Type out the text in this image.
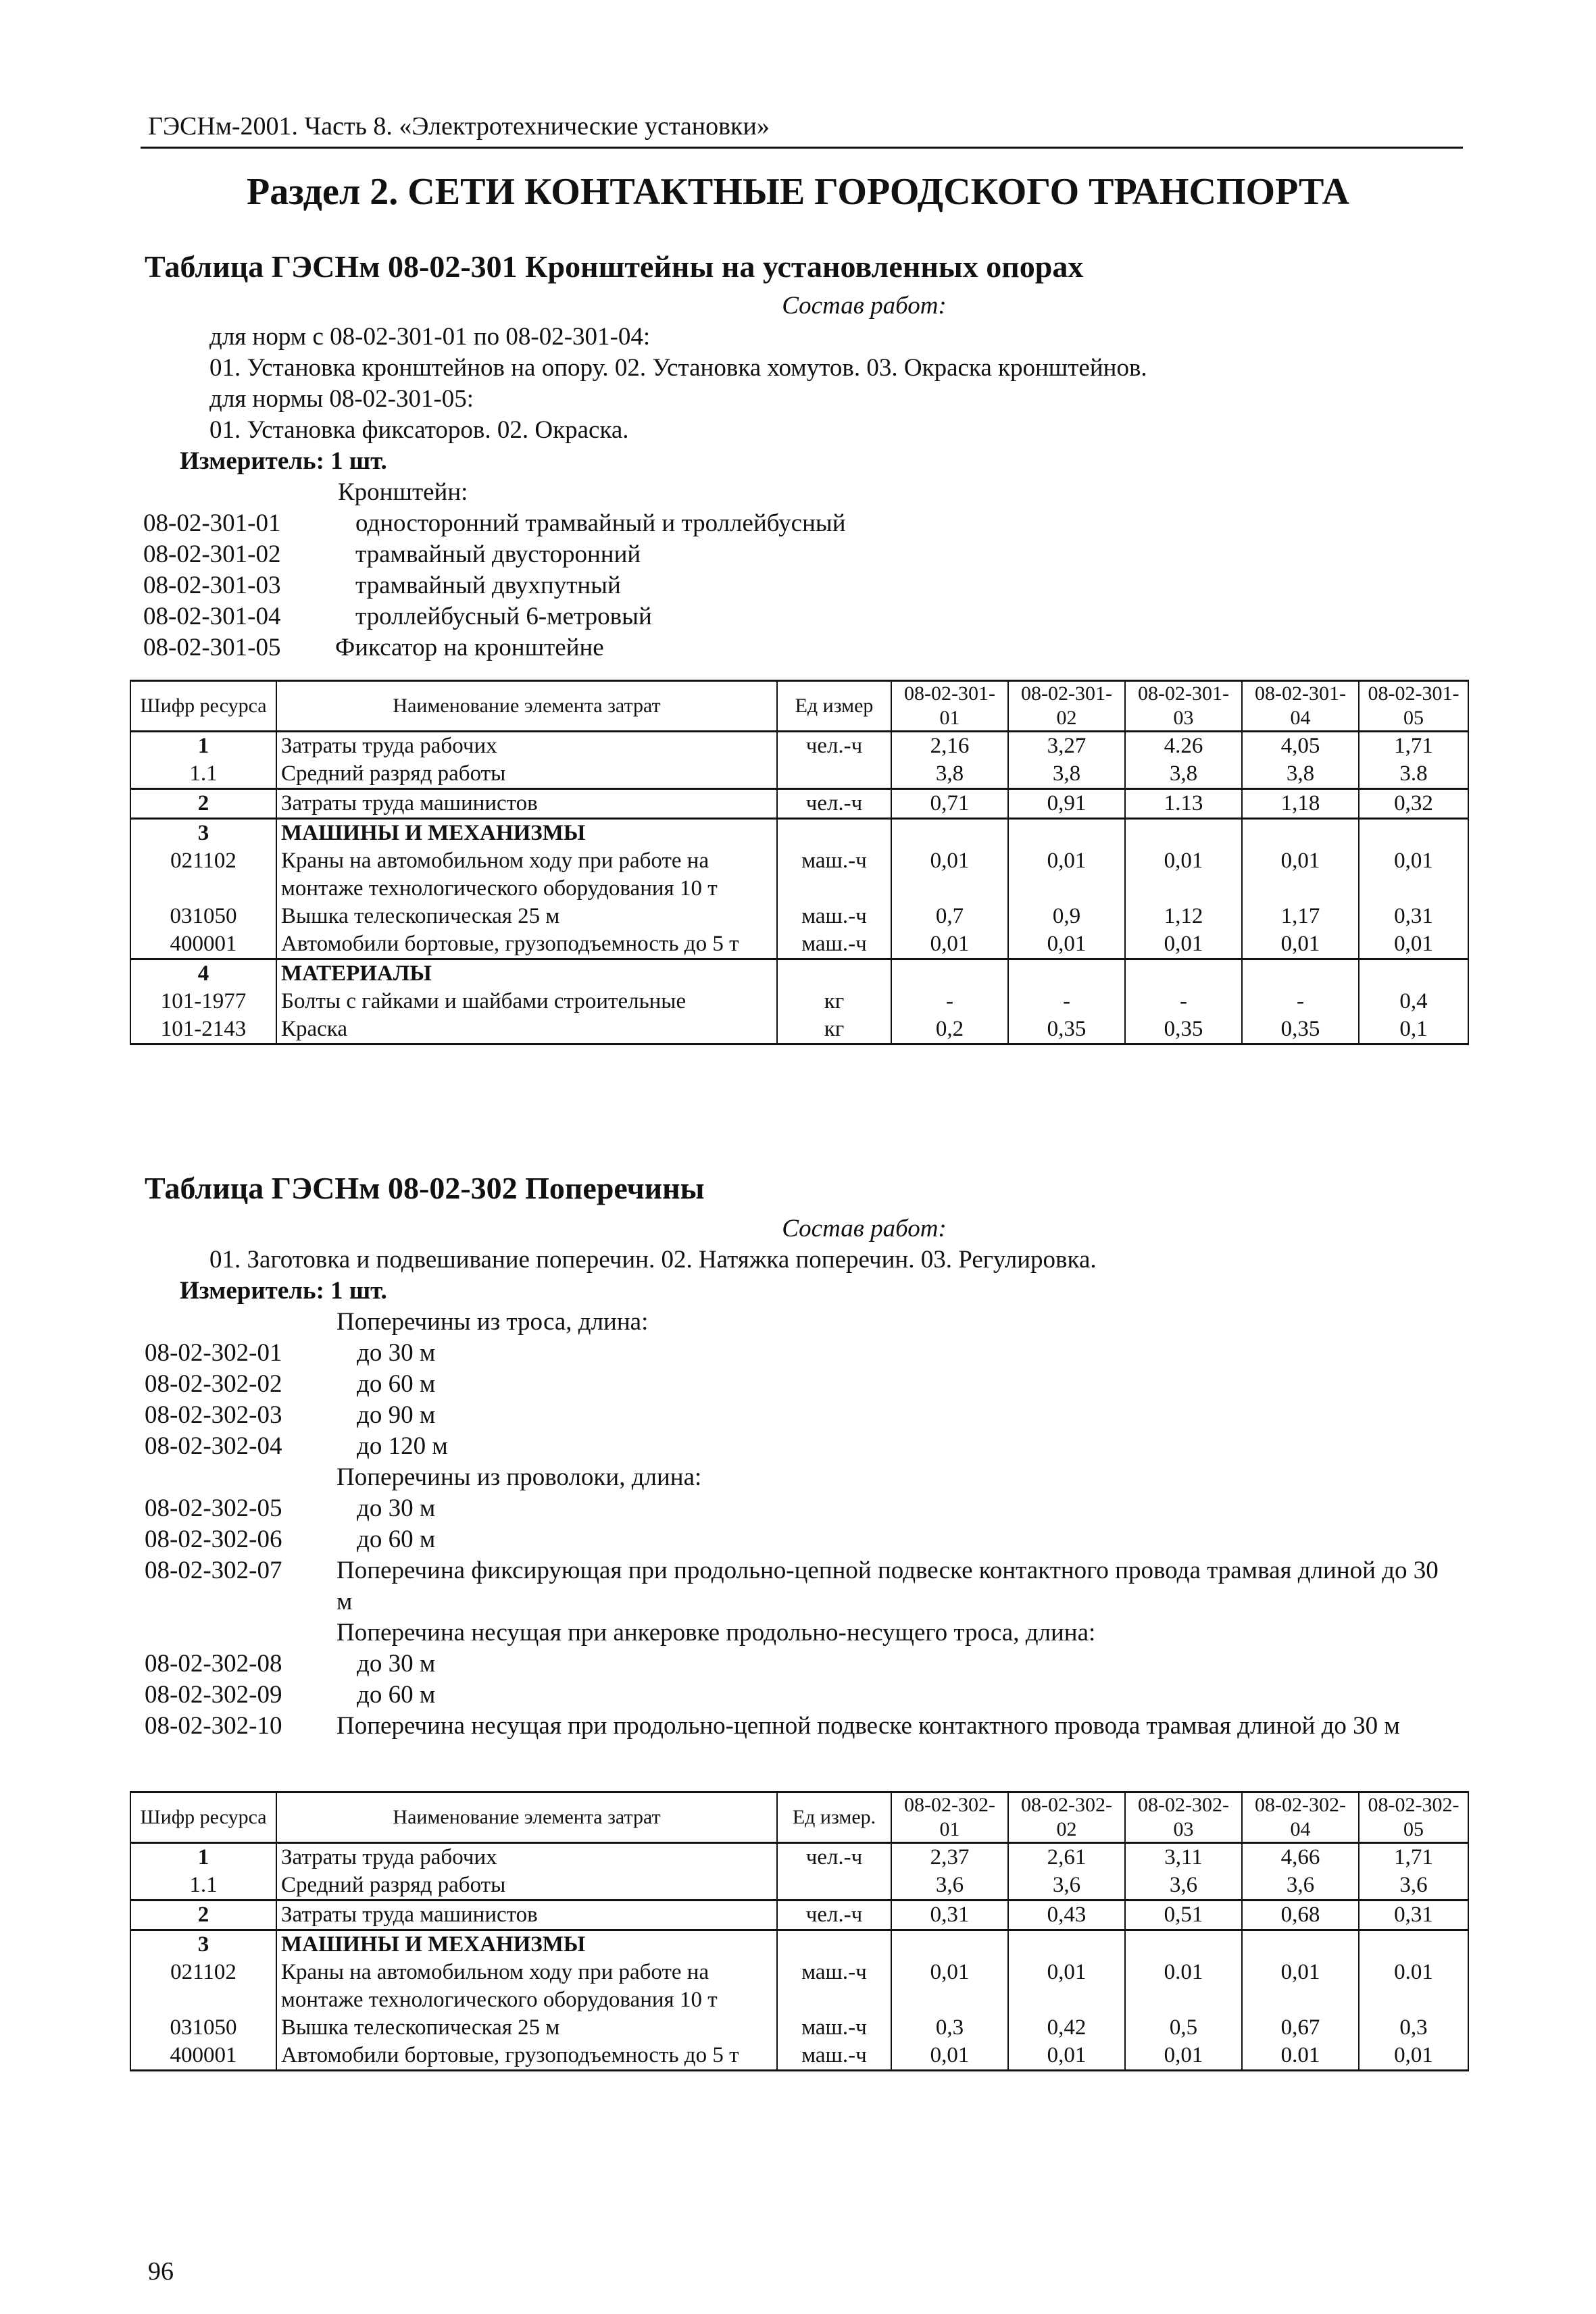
ГЭСНм-2001. Часть 8. «Электротехнические установки»
Раздел 2. СЕТИ КОНТАКТНЫЕ ГОРОДСКОГО ТРАНСПОРТА
Таблица ГЭСНм 08-02-301 Кронштейны на установленных опорах
Состав работ:
для норм с 08-02-301-01 по 08-02-301-04:
01. Установка кронштейнов на опору. 02. Установка хомутов. 03. Окраска кронштейнов.
для нормы 08-02-301-05:
01. Установка фиксаторов. 02. Окраска.
Измеритель: 1 шт.
Кронштейн:
08-02-301-01	односторонний трамвайный и троллейбусный
08-02-301-02	трамвайный двусторонний
08-02-301-03	трамвайный двухпутный
08-02-301-04	троллейбусный 6-метровый
08-02-301-05	Фиксатор на кронштейне
Шифр ресурса	Наименование элемента затрат	Ед измер	08-02-301-01	08-02-301-02	08-02-301-03	08-02-301-04	08-02-301-05
1	Затраты труда рабочих	чел.-ч	2,16	3,27	4.26	4,05	1,71
1.1	Средний разряд работы		3,8	3,8	3,8	3,8	3.8
2	Затраты труда машинистов	чел.-ч	0,71	0,91	1.13	1,18	0,32
3	МАШИНЫ И МЕХАНИЗМЫ						
021102	Краны на автомобильном ходу при работе на монтаже технологического оборудования 10 т	маш.-ч	0,01	0,01	0,01	0,01	0,01
031050	Вышка телескопическая 25 м	маш.-ч	0,7	0,9	1,12	1,17	0,31
400001	Автомобили бортовые, грузоподъемность до 5 т	маш.-ч	0,01	0,01	0,01	0,01	0,01
4	МАТЕРИАЛЫ						
101-1977	Болты с гайками и шайбами строительные	кг	-	-	-	-	0,4
101-2143	Краска	кг	0,2	0,35	0,35	0,35	0,1
Таблица ГЭСНм 08-02-302 Поперечины
Состав работ:
01. Заготовка и подвешивание поперечин. 02. Натяжка поперечин. 03. Регулировка.
Измеритель: 1 шт.
Поперечины из троса, длина:
08-02-302-01	до 30 м
08-02-302-02	до 60 м
08-02-302-03	до 90 м
08-02-302-04	до 120 м
Поперечины из проволоки, длина:
08-02-302-05	до 30 м
08-02-302-06	до 60 м
08-02-302-07	Поперечина фиксирующая при продольно-цепной подвеске контактного провода трамвая длиной до 30 м
Поперечина несущая при анкеровке продольно-несущего троса, длина:
08-02-302-08	до 30 м
08-02-302-09	до 60 м
08-02-302-10	Поперечина несущая при продольно-цепной подвеске контактного провода трамвая длиной до 30 м
Шифр ресурса	Наименование элемента затрат	Ед измер.	08-02-302-01	08-02-302-02	08-02-302-03	08-02-302-04	08-02-302-05
1	Затраты труда рабочих	чел.-ч	2,37	2,61	3,11	4,66	1,71
1.1	Средний разряд работы		3,6	3,6	3,6	3,6	3,6
2	Затраты труда машинистов	чел.-ч	0,31	0,43	0,51	0,68	0,31
3	МАШИНЫ И МЕХАНИЗМЫ						
021102	Краны на автомобильном ходу при работе на монтаже технологического оборудования 10 т	маш.-ч	0,01	0,01	0.01	0,01	0.01
031050	Вышка телескопическая 25 м	маш.-ч	0,3	0,42	0,5	0,67	0,3
400001	Автомобили бортовые, грузоподъемность до 5 т	маш.-ч	0,01	0,01	0,01	0.01	0,01
96
